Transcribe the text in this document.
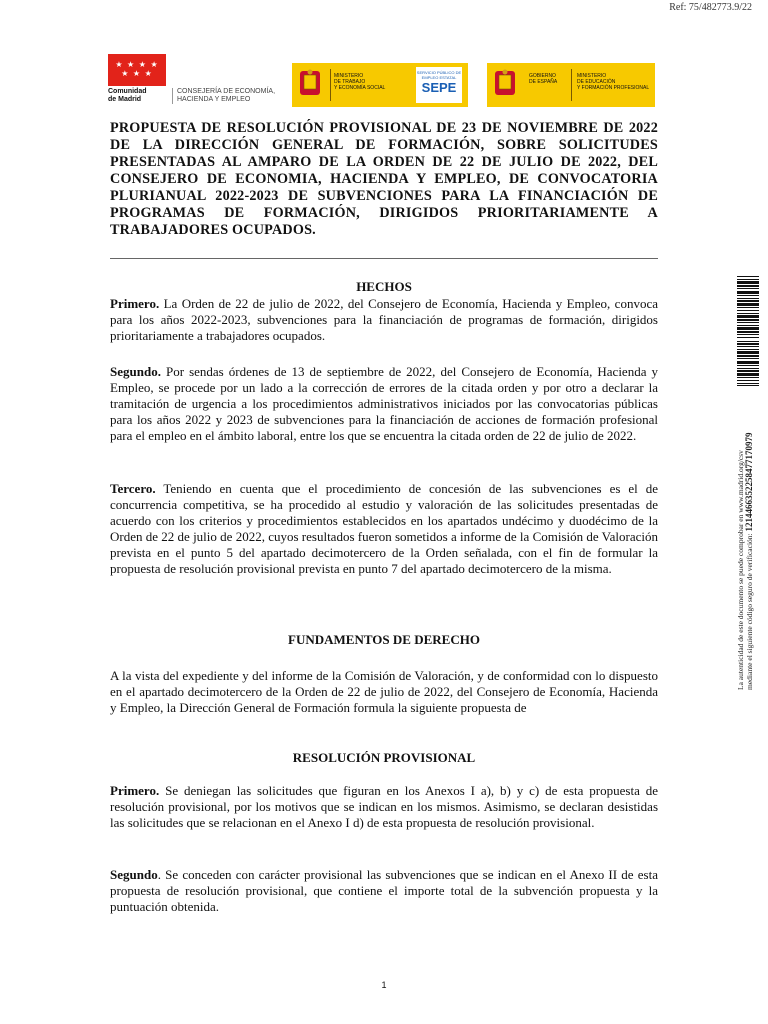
Ref: 75/482773.9/22
★ ★ ★ ★
★ ★ ★
Comunidad
de Madrid
CONSEJERÍA DE ECONOMÍA,
HACIENDA Y EMPLEO
MINISTERIO
DE TRABAJO
Y ECONOMÍA SOCIAL
SERVICIO PÚBLICO DE EMPLEO ESTATAL
SEPE
GOBIERNO
DE ESPAÑA
MINISTERIO
DE EDUCACIÓN
Y FORMACIÓN PROFESIONAL
PROPUESTA DE RESOLUCIÓN PROVISIONAL DE 23 DE NOVIEMBRE DE 2022 DE LA DIRECCIÓN GENERAL DE FORMACIÓN, SOBRE SOLICITUDES PRESENTADAS AL AMPARO DE LA ORDEN DE 22 DE JULIO DE 2022, DEL CONSEJERO DE ECONOMIA, HACIENDA Y EMPLEO, DE CONVOCATORIA PLURIANUAL 2022-2023 DE SUBVENCIONES PARA LA FINANCIACIÓN DE PROGRAMAS DE FORMACIÓN, DIRIGIDOS PRIORITARIAMENTE A TRABAJADORES OCUPADOS.
HECHOS
Primero. La Orden de 22 de julio de 2022, del Consejero de Economía, Hacienda y Empleo, convoca para los años 2022-2023, subvenciones para la financiación de programas de formación, dirigidos prioritariamente a trabajadores ocupados.
Segundo. Por sendas órdenes de 13 de septiembre de 2022, del Consejero de Economía, Hacienda y Empleo, se procede por un lado a la corrección de errores de la citada orden y por otro a declarar la tramitación de urgencia a los procedimientos administrativos iniciados por las convocatorias públicas para los años 2022 y 2023 de subvenciones para la financiación de acciones de formación profesional para el empleo en el ámbito laboral, entre los que se encuentra la citada orden de 22 de julio de 2022.
Tercero. Teniendo en cuenta que el procedimiento de concesión de las subvenciones es el de concurrencia competitiva, se ha procedido al estudio y valoración de las solicitudes presentadas de acuerdo con los criterios y procedimientos establecidos en los apartados undécimo y duodécimo de la Orden de 22 de julio de 2022, cuyos resultados fueron sometidos a informe de la Comisión de Valoración prevista en el punto 5 del apartado decimotercero de la Orden señalada, con el fin de formular la propuesta de resolución provisional prevista en punto 7 del apartado decimotercero de la misma.
FUNDAMENTOS DE DERECHO
A la vista del expediente y del informe de la Comisión de Valoración, y de conformidad con lo dispuesto en el apartado decimotercero de la Orden de 22 de julio de 2022, del Consejero de Economía, Hacienda y Empleo, la Dirección General de Formación formula la siguiente propuesta de
RESOLUCIÓN PROVISIONAL
Primero. Se deniegan las solicitudes que figuran en los Anexos I a), b) y c) de esta propuesta de resolución provisional, por los motivos que se indican en los mismos. Asimismo, se declaran desistidas las solicitudes que se relacionan en el Anexo I d) de esta propuesta de resolución provisional.
Segundo. Se conceden con carácter provisional las subvenciones que se indican en el Anexo II de esta propuesta de resolución provisional, que contiene el importe total de la subvención propuesta y la puntuación obtenida.
La autenticidad de este documento se puede comprobar en www.madrid.org/csv
mediante el siguiente código seguro de verificación: 1214466352258477170979
1
